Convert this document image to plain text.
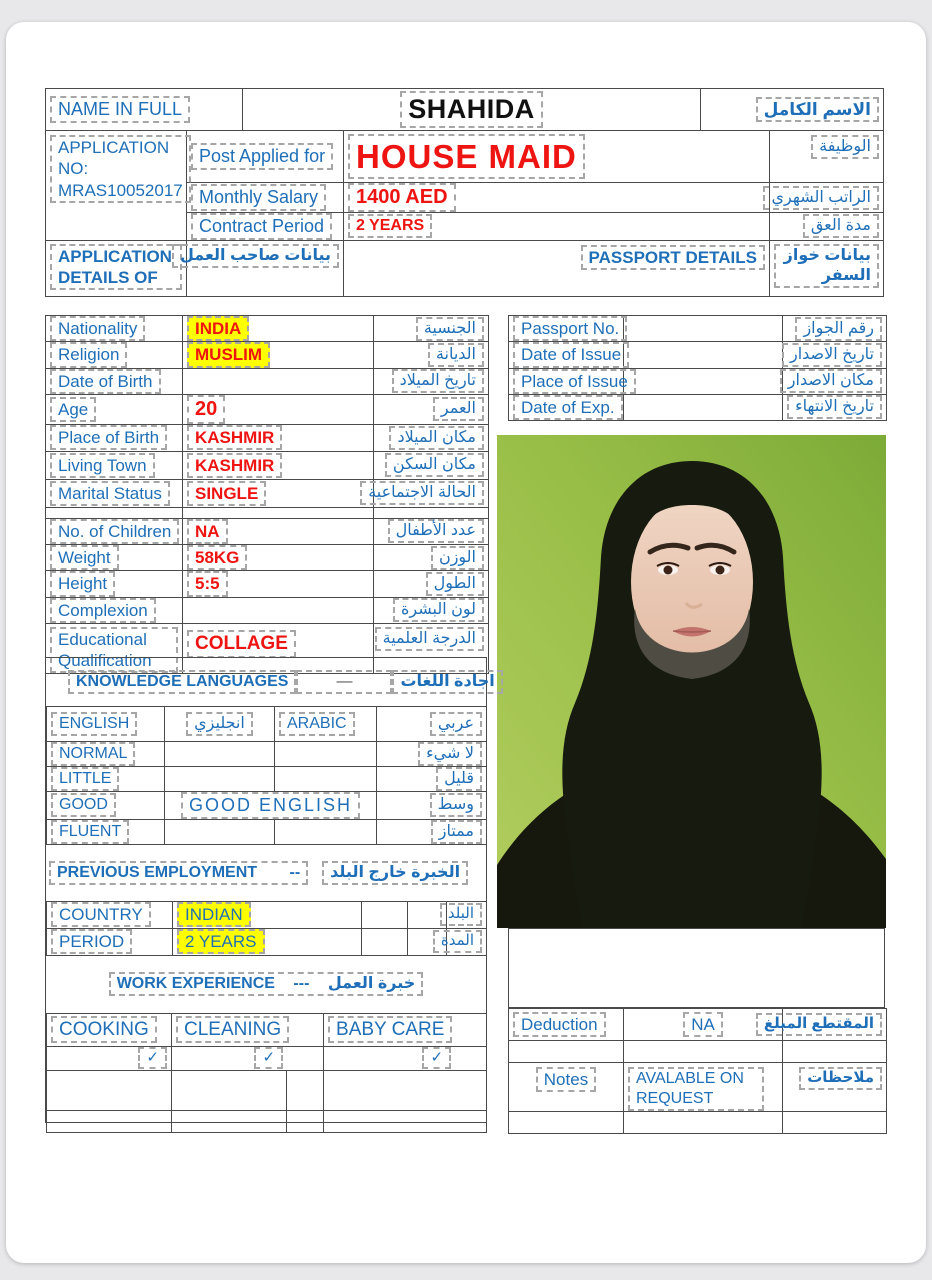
NAME IN FULL	SHAHIDA	الاسم الكامل
APPLICATION NO:
MRAS10052017	Post Applied for	HOUSE MAID	الوظيفة
	Monthly Salary	1400 AED	الراتب الشهري
	Contract Period	2 YEARS	مدة العق
APPLICATION DETAILS OF	بيانات صاحب العمل	PASSPORT DETAILS	بيانات خواز السفر
Nationality	INDIA	الجنسية
Religion	MUSLIM	الديانة
Date of Birth		تاريخ الميلاد
Age	20	العمر
Place of Birth	KASHMIR	مكان الميلاد
Living Town	KASHMIR	مكان السكن
Marital Status	SINGLE	الحالة الاجتماعية

No. of Children	NA	عدد الأطفال
Weight	58KG	الوزن
Height	5:5	الطول
Complexion		لون البشرة
Educational Qualification	COLLAGE	الدرجة العلمية
Passport No.		رقم الجواز
Date of Issue		تاريخ الاصدار
Place of Issue		مكان الاصدار
Date of Exp.		تاريخ الانتهاء
KNOWLEDGE LANGUAGES	—	اجادة اللغات
ENGLISH	انجليزي	ARABIC	عربي
NORMAL			لا شيء
LITTLE			قليل
GOOD	GOOD ENGLISH		وسط
FLUENT			ممتاز
PREVIOUS EMPLOYMENT --	الخبرة خارج البلد
COUNTRY	INDIAN			البلد
PERIOD	2 YEARS			المدة
WORK EXPERIENCE --- خبرة العمل
COOKING	CLEANING		BABY CARE
✓	✓		✓

Deduction	NA	المقتطع المبلغ

Notes	AVALABLE ON REQUEST	ملاحظات
